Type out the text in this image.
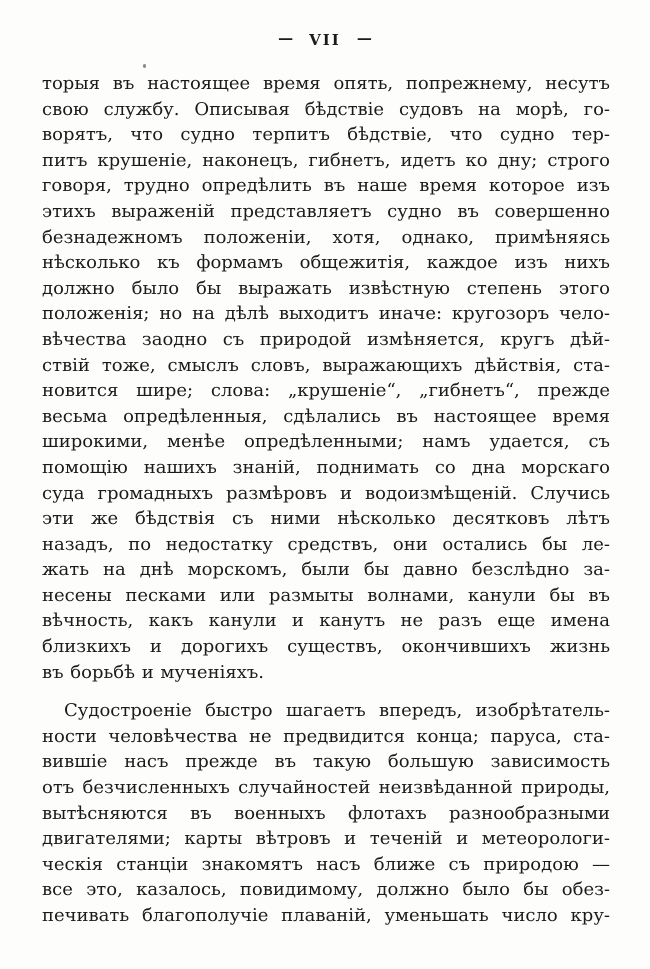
— VII —
торыя въ настоящее время опять, попрежнему, несутъ
свою службу. Описывая бѣдствіе судовъ на морѣ, го-
ворятъ, что судно терпитъ бѣдствіе, что судно тер-
питъ крушеніе, наконецъ, гибнетъ, идетъ ко дну; строго
говоря, трудно опредѣлить въ наше время которое изъ
этихъ выраженій представляетъ судно въ совершенно
безнадежномъ положеніи, хотя, однако, примѣняясь
нѣсколько къ формамъ общежитія, каждое изъ нихъ
должно было бы выражать извѣстную степень этого
положенія; но на дѣлѣ выходитъ иначе: кругозоръ чело-
вѣчества заодно съ природой измѣняется, кругъ дѣй-
ствій тоже, смыслъ словъ, выражающихъ дѣйствія, ста-
новится шире; слова: „крушеніе“, „гибнетъ“, прежде
весьма опредѣленныя, сдѣлались въ настоящее время
широкими, менѣе опредѣленными; намъ удается, съ
помощію нашихъ знаній, поднимать со дна морскаго
суда громадныхъ размѣровъ и водоизмѣщеній. Случись
эти же бѣдствія съ ними нѣсколько десятковъ лѣтъ
назадъ, по недостатку средствъ, они остались бы ле-
жать на днѣ морскомъ, были бы давно безслѣдно за-
несены песками или размыты волнами, канули бы въ
вѣчность, какъ канули и канутъ не разъ еще имена
близкихъ и дорогихъ существъ, окончившихъ жизнь
въ борьбѣ и мученіяхъ.
Судостроеніе быстро шагаетъ впередъ, изобрѣтатель-
ности человѣчества не предвидится конца; паруса, ста-
вившіе насъ прежде въ такую большую зависимость
отъ безчисленныхъ случайностей неизвѣданной природы,
вытѣсняются въ военныхъ флотахъ разнообразными
двигателями; карты вѣтровъ и теченій и метеорологи-
ческія станціи знакомятъ насъ ближе съ природою —
все это, казалось, повидимому, должно было бы обез-
печивать благополучіе плаваній, уменьшать число кру-
